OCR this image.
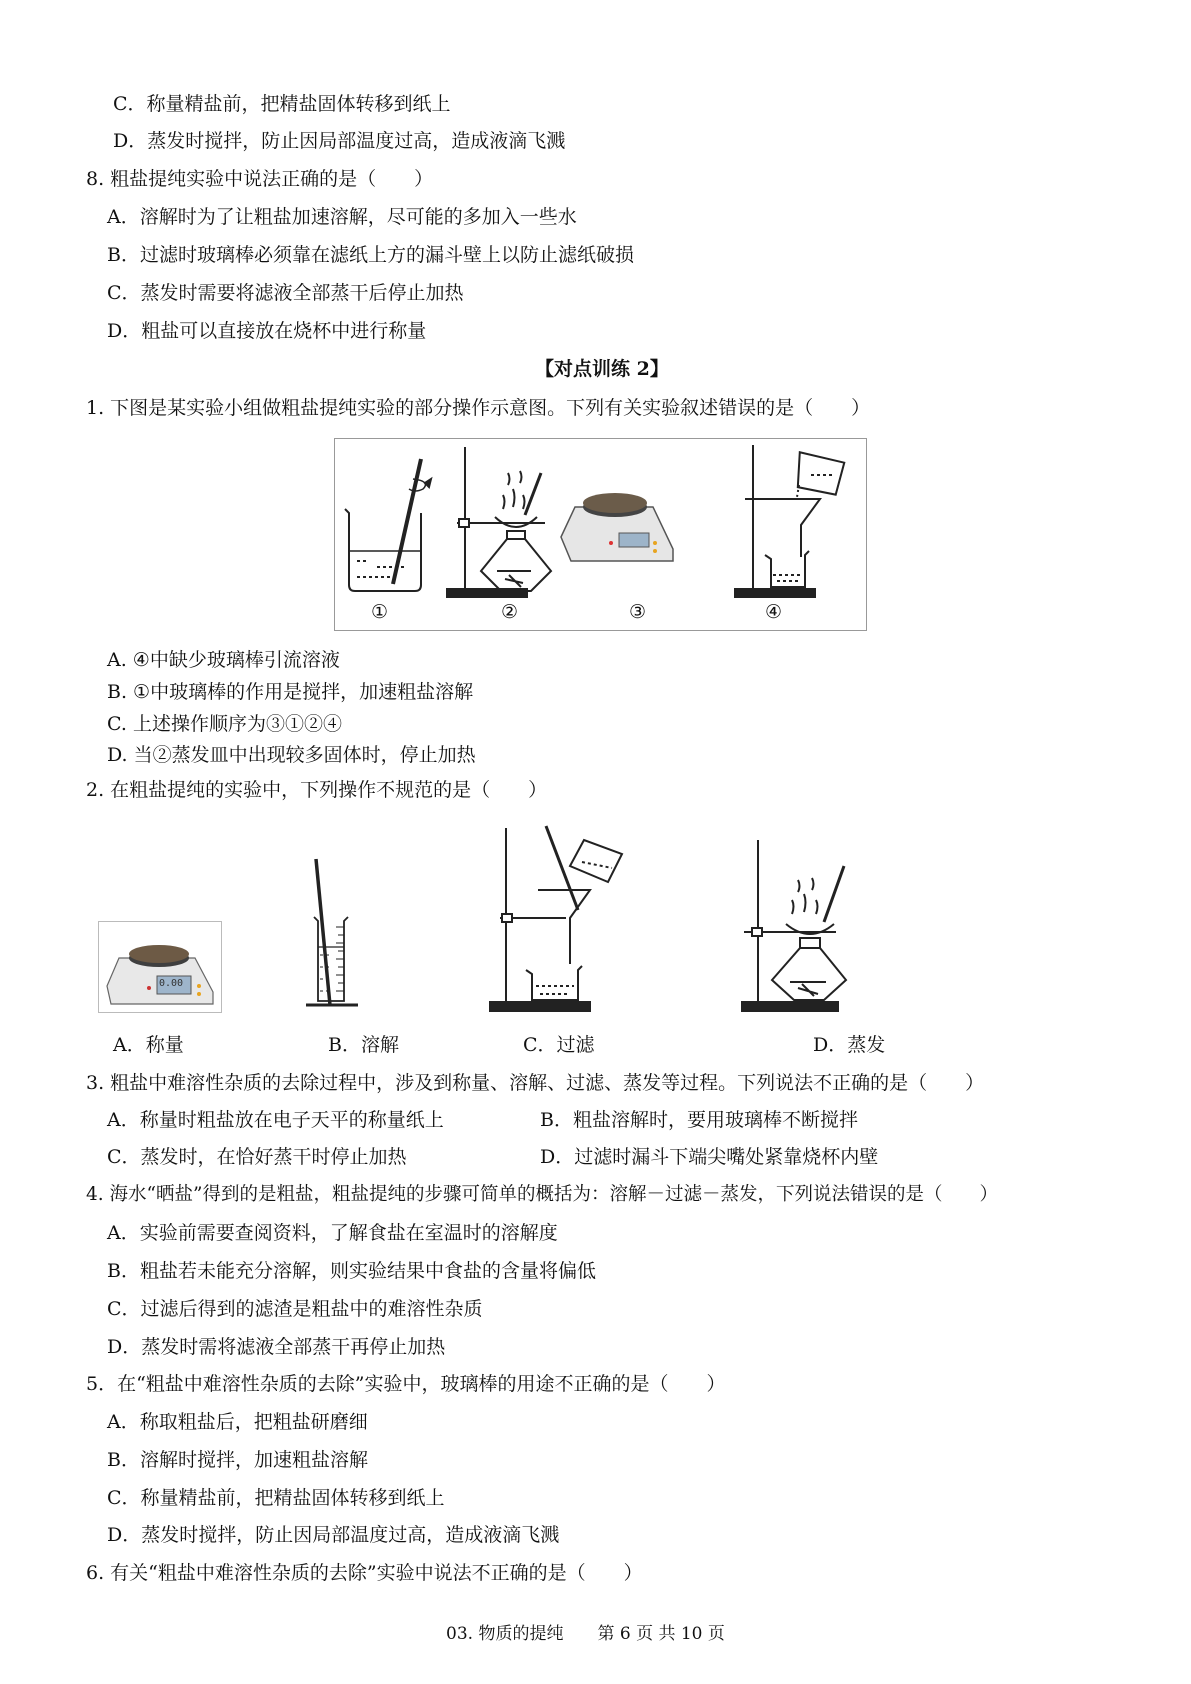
C．称量精盐前，把精盐固体转移到纸上
D．蒸发时搅拌，防止因局部温度过高，造成液滴飞溅
8. 粗盐提纯实验中说法正确的是（　　）
A．溶解时为了让粗盐加速溶解，尽可能的多加入一些水
B．过滤时玻璃棒必须靠在滤纸上方的漏斗壁上以防止滤纸破损
C．蒸发时需要将滤液全部蒸干后停止加热
D．粗盐可以直接放在烧杯中进行称量
【对点训练 2】
1. 下图是某实验小组做粗盐提纯实验的部分操作示意图。下列有关实验叙述错误的是（　　）
①	②	③	④
A. ④中缺少玻璃棒引流溶液
B. ①中玻璃棒的作用是搅拌，加速粗盐溶解
C. 上述操作顺序为③①②④
D. 当②蒸发皿中出现较多固体时，停止加热
2. 在粗盐提纯的实验中，下列操作不规范的是（　　）
0.00
A．称量	B．溶解	C．过滤	D．蒸发
3. 粗盐中难溶性杂质的去除过程中，涉及到称量、溶解、过滤、蒸发等过程。下列说法不正确的是（　　）
A．称量时粗盐放在电子天平的称量纸上	B．粗盐溶解时，要用玻璃棒不断搅拌
C．蒸发时，在恰好蒸干时停止加热	D．过滤时漏斗下端尖嘴处紧靠烧杯内壁
4. 海水“晒盐”得到的是粗盐，粗盐提纯的步骤可简单的概括为：溶解－过滤－蒸发，下列说法错误的是（　　）
A．实验前需要查阅资料，了解食盐在室温时的溶解度
B．粗盐若未能充分溶解，则实验结果中食盐的含量将偏低
C．过滤后得到的滤渣是粗盐中的难溶性杂质
D．蒸发时需将滤液全部蒸干再停止加热
5．在“粗盐中难溶性杂质的去除”实验中，玻璃棒的用途不正确的是（　　）
A．称取粗盐后，把粗盐研磨细
B．溶解时搅拌，加速粗盐溶解
C．称量精盐前，把精盐固体转移到纸上
D．蒸发时搅拌，防止因局部温度过高，造成液滴飞溅
6. 有关“粗盐中难溶性杂质的去除”实验中说法不正确的是（　　）
03. 物质的提纯　　第 6 页 共 10 页
